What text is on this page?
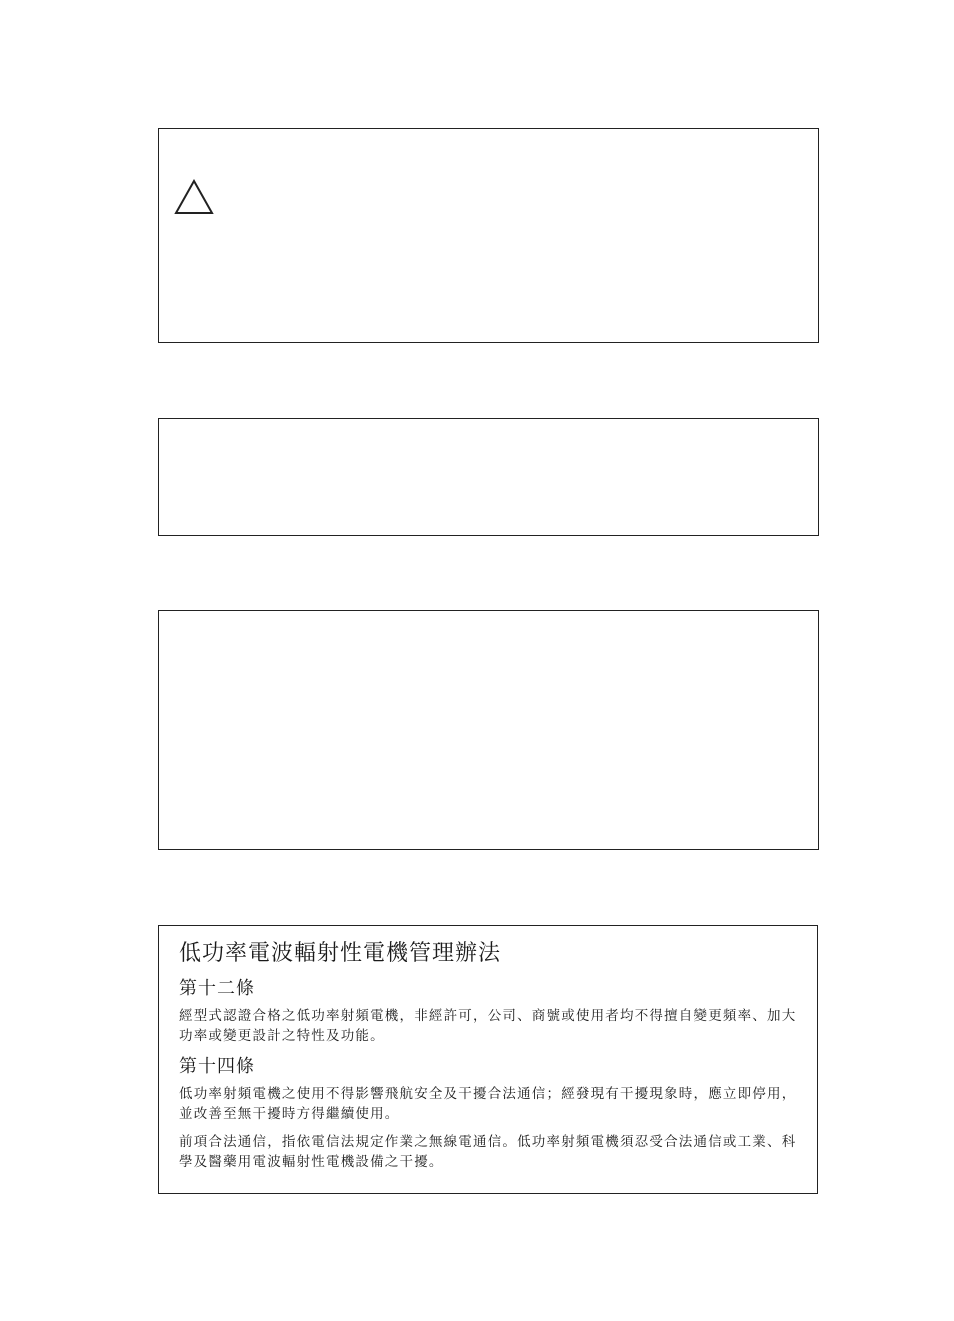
低功率電波輻射性電機管理辦法
第十二條

經型式認證合格之低功率射頻電機，非經許可，公司、商號或使用者均不得擅自變更頻率、加大功率或變更設計之特性及功能。

第十四條

低功率射頻電機之使用不得影響飛航安全及干擾合法通信；經發現有干擾現象時，應立即停用，並改善至無干擾時方得繼續使用。

前項合法通信，指依電信法規定作業之無線電通信。低功率射頻電機須忍受合法通信或工業、科學及醫藥用電波輻射性電機設備之干擾。
